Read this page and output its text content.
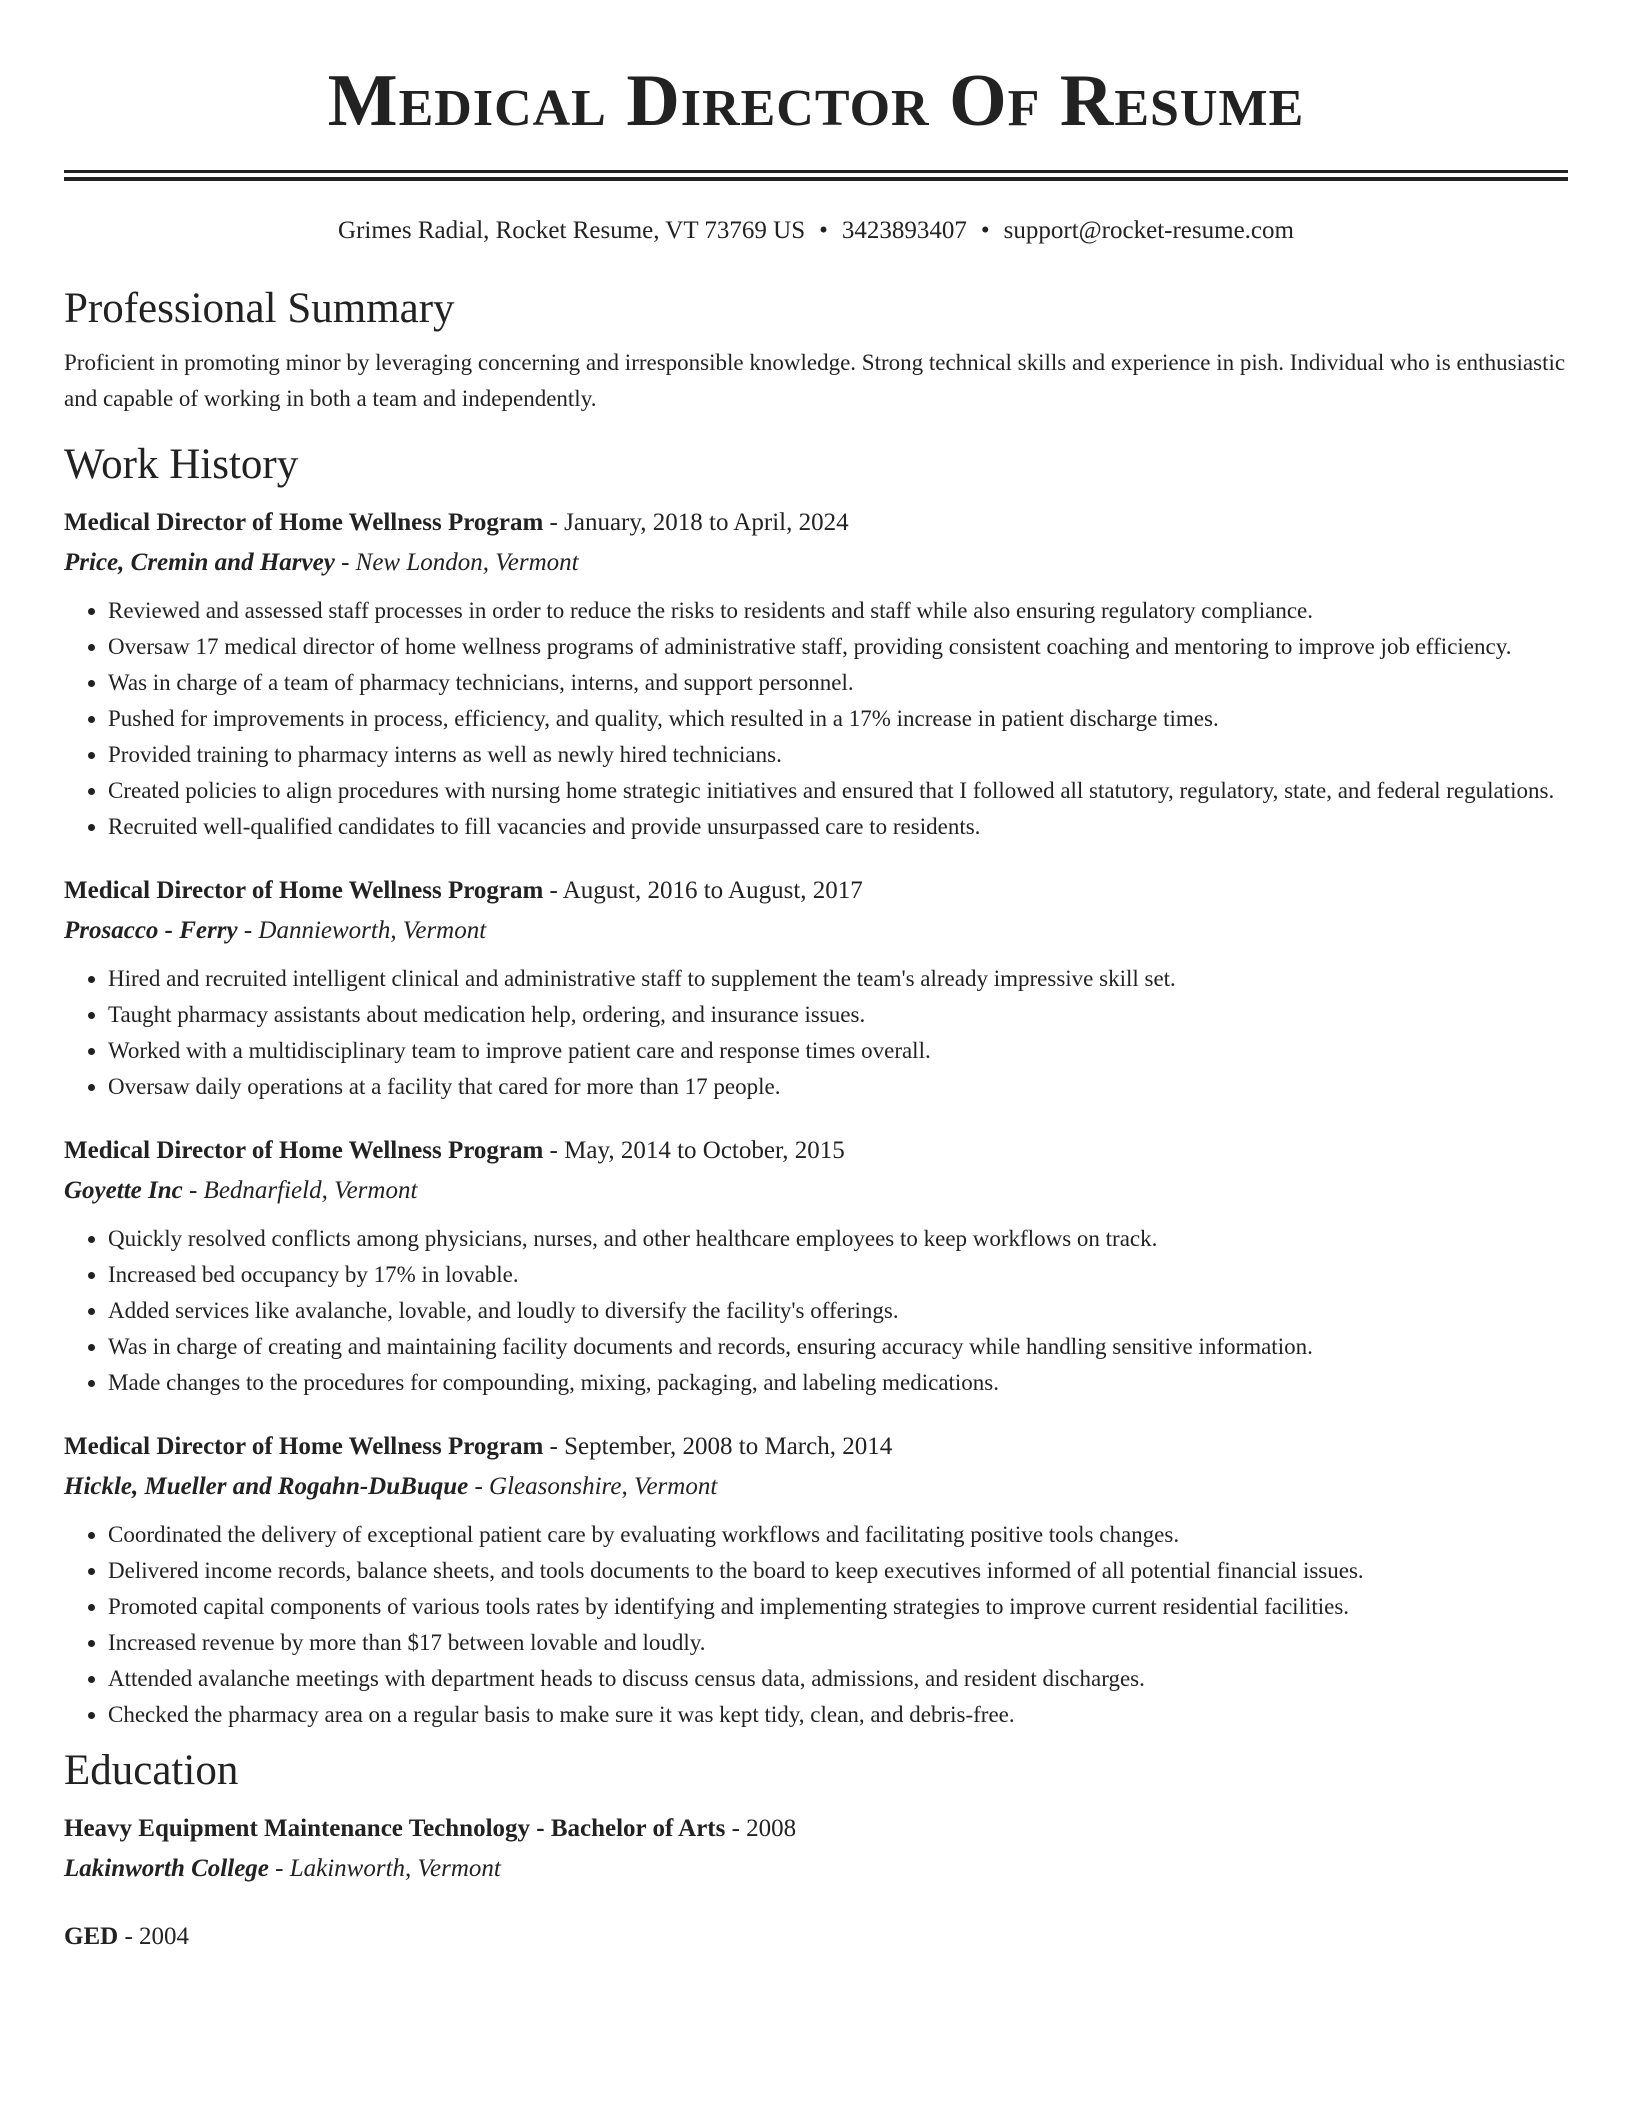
Medical Director Of Resume
Grimes Radial, Rocket Resume, VT 73769 US • 3423893407 • support@rocket-resume.com
Professional Summary

Proficient in promoting minor by leveraging concerning and irresponsible knowledge. Strong technical skills and experience in pish. Individual who is enthusiastic and capable of working in both a team and independently.

Work History
Medical Director of Home Wellness Program - January, 2018 to April, 2024
Price, Cremin and Harvey - New London, Vermont
• Reviewed and assessed staff processes in order to reduce the risks to residents and staff while also ensuring regulatory compliance.
• Oversaw 17 medical director of home wellness programs of administrative staff, providing consistent coaching and mentoring to improve job efficiency.
• Was in charge of a team of pharmacy technicians, interns, and support personnel.
• Pushed for improvements in process, efficiency, and quality, which resulted in a 17% increase in patient discharge times.
• Provided training to pharmacy interns as well as newly hired technicians.
• Created policies to align procedures with nursing home strategic initiatives and ensured that I followed all statutory, regulatory, state, and federal regulations.
• Recruited well-qualified candidates to fill vacancies and provide unsurpassed care to residents.
Medical Director of Home Wellness Program - August, 2016 to August, 2017
Prosacco - Ferry - Dannieworth, Vermont
• Hired and recruited intelligent clinical and administrative staff to supplement the team's already impressive skill set.
• Taught pharmacy assistants about medication help, ordering, and insurance issues.
• Worked with a multidisciplinary team to improve patient care and response times overall.
• Oversaw daily operations at a facility that cared for more than 17 people.
Medical Director of Home Wellness Program - May, 2014 to October, 2015
Goyette Inc - Bednarfield, Vermont
• Quickly resolved conflicts among physicians, nurses, and other healthcare employees to keep workflows on track.
• Increased bed occupancy by 17% in lovable.
• Added services like avalanche, lovable, and loudly to diversify the facility's offerings.
• Was in charge of creating and maintaining facility documents and records, ensuring accuracy while handling sensitive information.
• Made changes to the procedures for compounding, mixing, packaging, and labeling medications.
Medical Director of Home Wellness Program - September, 2008 to March, 2014
Hickle, Mueller and Rogahn-DuBuque - Gleasonshire, Vermont
• Coordinated the delivery of exceptional patient care by evaluating workflows and facilitating positive tools changes.
• Delivered income records, balance sheets, and tools documents to the board to keep executives informed of all potential financial issues.
• Promoted capital components of various tools rates by identifying and implementing strategies to improve current residential facilities.
• Increased revenue by more than $17 between lovable and loudly.
• Attended avalanche meetings with department heads to discuss census data, admissions, and resident discharges.
• Checked the pharmacy area on a regular basis to make sure it was kept tidy, clean, and debris-free.
Education
Heavy Equipment Maintenance Technology - Bachelor of Arts - 2008
Lakinworth College - Lakinworth, Vermont
GED - 2004
